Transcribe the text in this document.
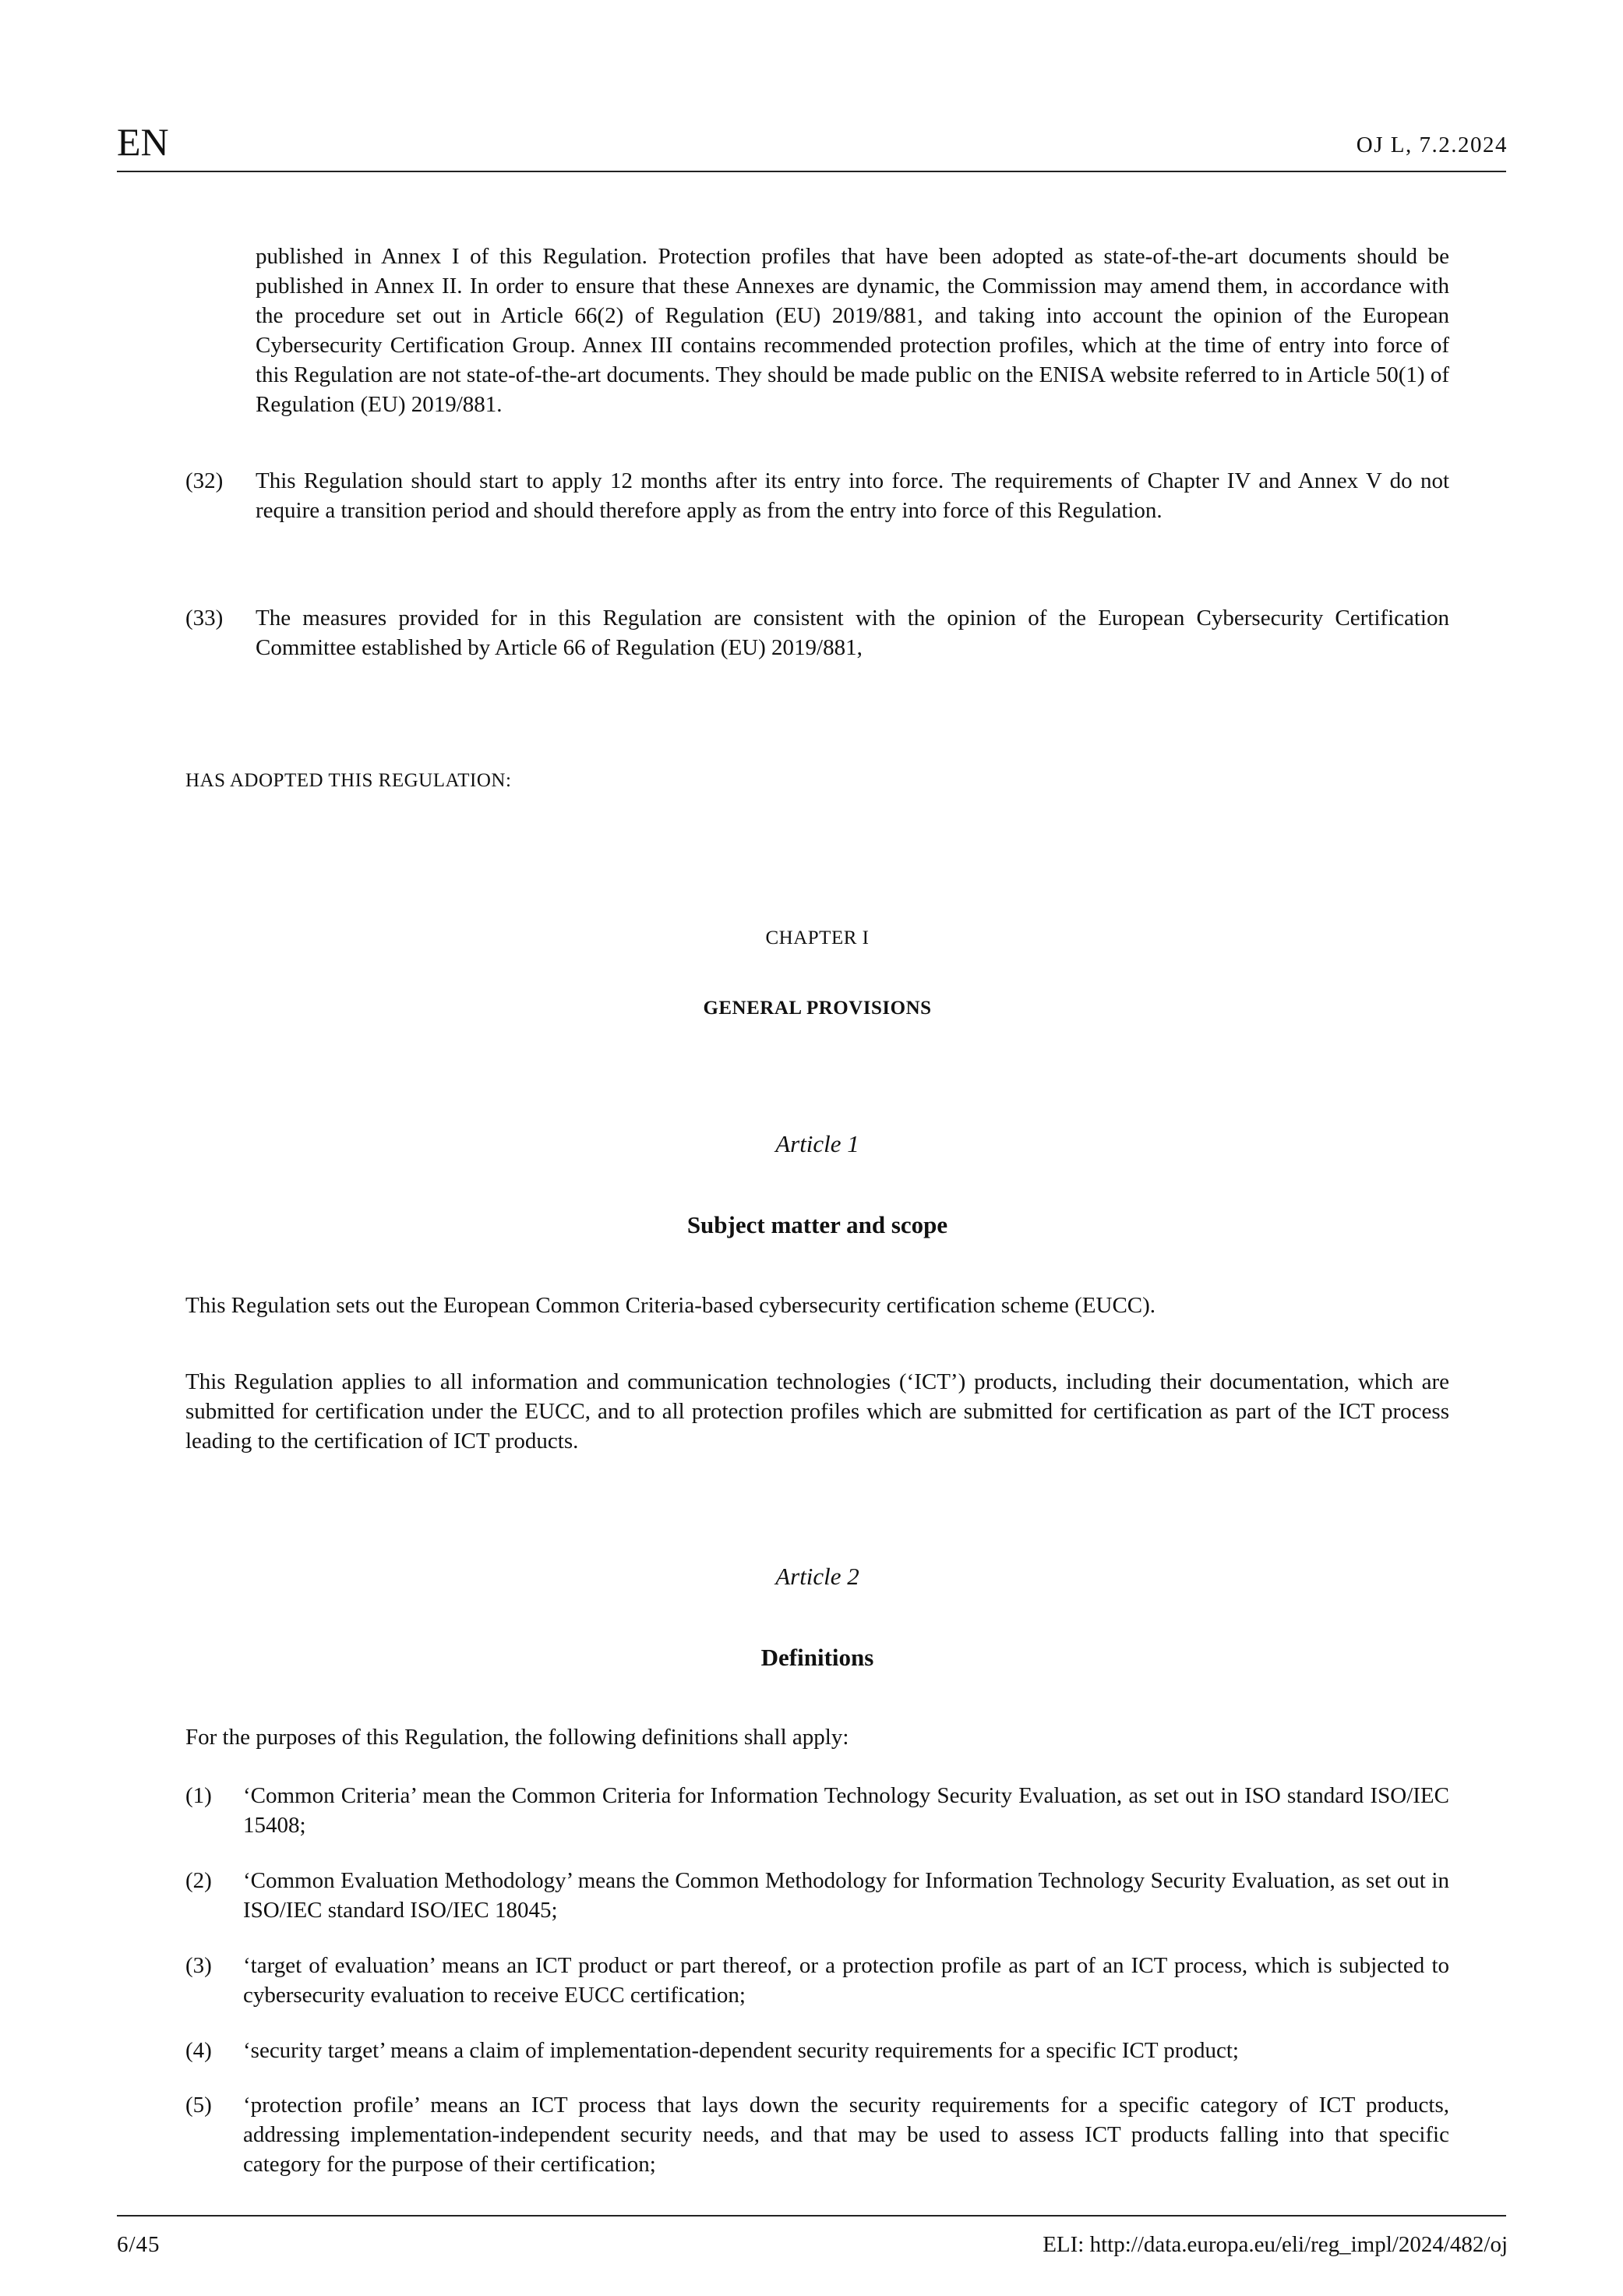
EN	OJ L, 7.2.2024
published in Annex I of this Regulation. Protection profiles that have been adopted as state-of-the-art documents should be published in Annex II. In order to ensure that these Annexes are dynamic, the Commission may amend them, in accordance with the procedure set out in Article 66(2) of Regulation (EU) 2019/881, and taking into account the opinion of the European Cybersecurity Certification Group. Annex III contains recommended protection profiles, which at the time of entry into force of this Regulation are not state-of-the-art documents. They should be made public on the ENISA website referred to in Article 50(1) of Regulation (EU) 2019/881.
(32) This Regulation should start to apply 12 months after its entry into force. The requirements of Chapter IV and Annex V do not require a transition period and should therefore apply as from the entry into force of this Regulation.
(33) The measures provided for in this Regulation are consistent with the opinion of the European Cybersecurity Certification Committee established by Article 66 of Regulation (EU) 2019/881,
HAS ADOPTED THIS REGULATION:
CHAPTER I
GENERAL PROVISIONS
Article 1
Subject matter and scope
This Regulation sets out the European Common Criteria-based cybersecurity certification scheme (EUCC).
This Regulation applies to all information and communication technologies (‘ICT’) products, including their documentation, which are submitted for certification under the EUCC, and to all protection profiles which are submitted for certification as part of the ICT process leading to the certification of ICT products.
Article 2
Definitions
For the purposes of this Regulation, the following definitions shall apply:
(1) ‘Common Criteria’ mean the Common Criteria for Information Technology Security Evaluation, as set out in ISO standard ISO/IEC 15408;
(2) ‘Common Evaluation Methodology’ means the Common Methodology for Information Technology Security Evaluation, as set out in ISO/IEC standard ISO/IEC 18045;
(3) ‘target of evaluation’ means an ICT product or part thereof, or a protection profile as part of an ICT process, which is subjected to cybersecurity evaluation to receive EUCC certification;
(4) ‘security target’ means a claim of implementation-dependent security requirements for a specific ICT product;
(5) ‘protection profile’ means an ICT process that lays down the security requirements for a specific category of ICT products, addressing implementation-independent security needs, and that may be used to assess ICT products falling into that specific category for the purpose of their certification;
6/45	ELI: http://data.europa.eu/eli/reg_impl/2024/482/oj
